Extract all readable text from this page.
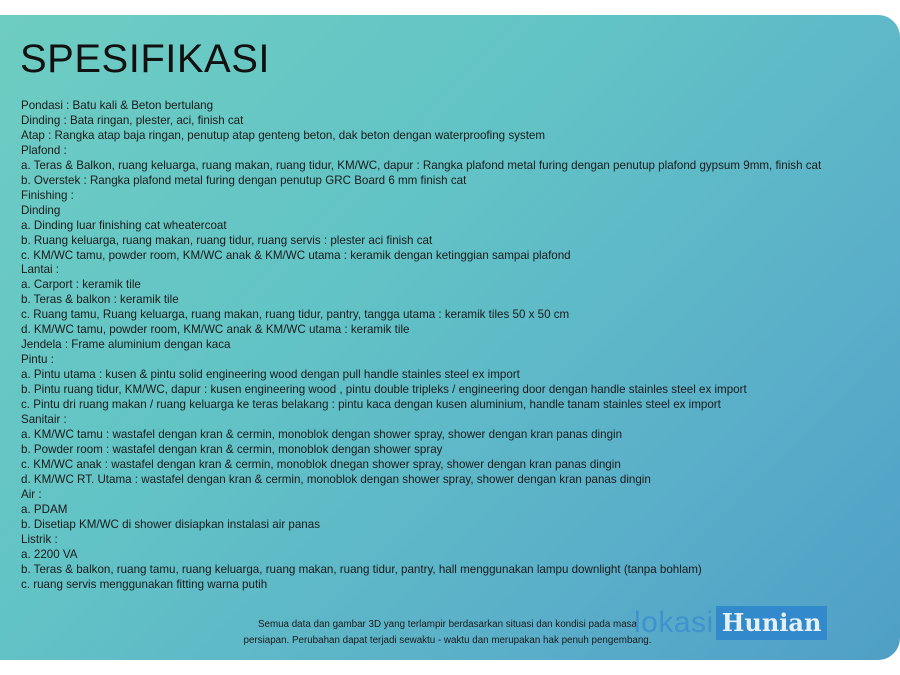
SPESIFIKASI
Pondasi : Batu kali & Beton bertulang
Dinding : Bata ringan, plester, aci, finish cat
Atap : Rangka atap baja ringan, penutup atap genteng beton, dak beton dengan waterproofing system
Plafond :
a. Teras & Balkon, ruang keluarga, ruang makan, ruang tidur, KM/WC, dapur : Rangka plafond metal furing dengan penutup plafond gypsum 9mm, finish cat
b. Overstek : Rangka plafond metal furing dengan penutup GRC Board 6 mm finish cat
Finishing :
Dinding
a. Dinding luar finishing cat wheatercoat
b. Ruang keluarga, ruang makan, ruang tidur, ruang servis : plester aci finish cat
c. KM/WC tamu, powder room, KM/WC anak & KM/WC utama : keramik dengan ketinggian sampai plafond
Lantai :
a. Carport : keramik tile
b. Teras & balkon : keramik tile
c. Ruang tamu, Ruang keluarga, ruang makan, ruang tidur, pantry, tangga utama : keramik tiles 50 x 50 cm
d. KM/WC tamu, powder room, KM/WC anak & KM/WC utama : keramik tile
Jendela : Frame aluminium dengan kaca
Pintu :
a. Pintu utama : kusen & pintu solid engineering wood dengan pull handle stainles steel ex import
b. Pintu ruang tidur, KM/WC, dapur : kusen engineering wood , pintu double tripleks / engineering door dengan handle stainles steel ex import
c. Pintu dri ruang makan / ruang keluarga ke teras belakang : pintu kaca dengan kusen aluminium, handle tanam stainles steel ex import
Sanitair :
a. KM/WC tamu : wastafel dengan kran & cermin, monoblok dengan shower spray, shower dengan kran panas dingin
b. Powder room : wastafel dengan kran & cermin, monoblok dengan shower spray
c. KM/WC anak : wastafel dengan kran & cermin, monoblok dnegan shower spray, shower dengan kran panas dingin
d. KM/WC RT. Utama : wastafel dengan kran & cermin, monoblok dengan shower spray, shower dengan kran panas dingin
Air :
a. PDAM
b. Disetiap KM/WC di shower disiapkan instalasi air panas
Listrik :
a. 2200 VA
b. Teras & balkon, ruang tamu, ruang keluarga, ruang makan, ruang tidur, pantry, hall menggunakan lampu downlight (tanpa bohlam)
c. ruang servis menggunakan fitting warna putih
Semua data dan gambar 3D yang terlampir berdasarkan situasi dan kondisi pada masa
persiapan. Perubahan dapat terjadi sewaktu - waktu dan merupakan hak penuh pengembang.
lokasi Hunian
